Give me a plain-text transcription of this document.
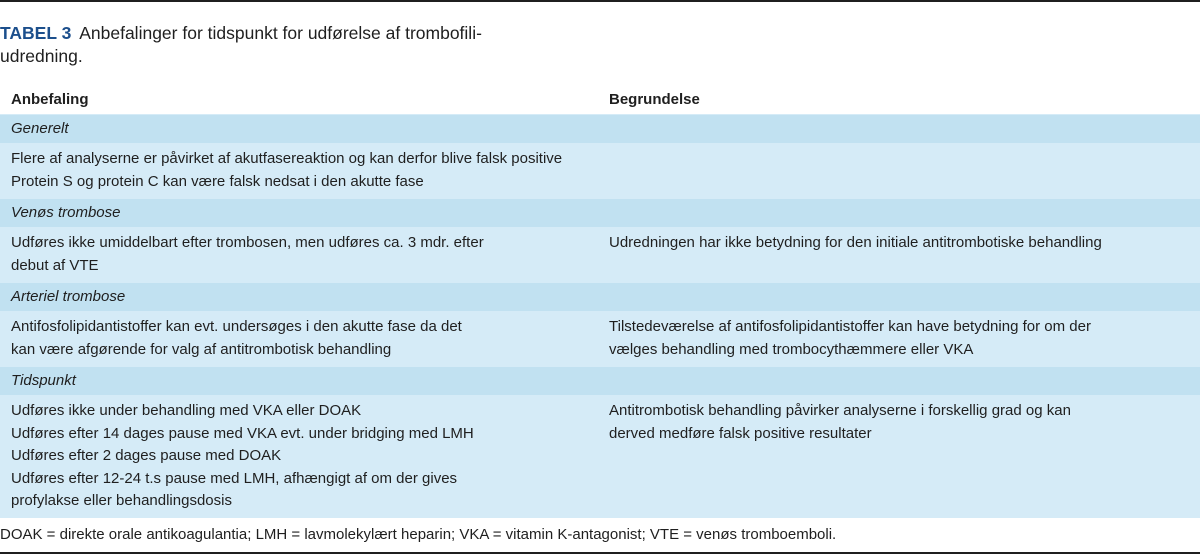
TABEL 3 Anbefalinger for tidspunkt for udførelse af trombofili-
udredning.
Anbefaling	Begrundelse
Generelt
Flere af analyserne er påvirket af akutfasereaktion og kan derfor blive falsk positive
Protein S og protein C kan være falsk nedsat i den akutte fase
Venøs trombose
Udføres ikke umiddelbart efter trombosen, men udføres ca. 3 mdr. efter
debut af VTE
Udredningen har ikke betydning for den initiale antitrombotiske behandling
Arteriel trombose
Antifosfolipidantistoffer kan evt. undersøges i den akutte fase da det
kan være afgørende for valg af antitrombotisk behandling
Tilstedeværelse af antifosfolipidantistoffer kan have betydning for om der
vælges behandling med trombocythæmmere eller VKA
Tidspunkt
Udføres ikke under behandling med VKA eller DOAK
Udføres efter 14 dages pause med VKA evt. under bridging med LMH
Udføres efter 2 dages pause med DOAK
Udføres efter 12-24 t.s pause med LMH, afhængigt af om der gives
profylakse eller behandlingsdosis
Antitrombotisk behandling påvirker analyserne i forskellig grad og kan
derved medføre falsk positive resultater
DOAK = direkte orale antikoagulantia; LMH = lavmolekylært heparin; VKA = vitamin K-antagonist; VTE = venøs tromboemboli.
